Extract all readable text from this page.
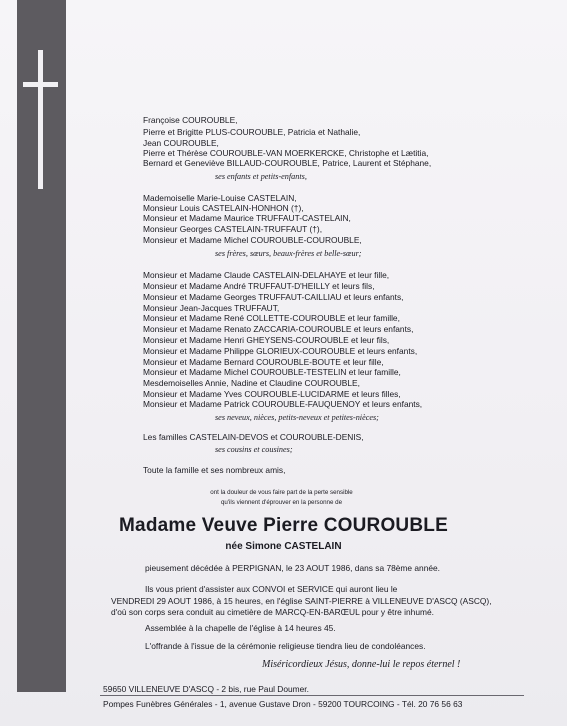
Françoise COUROUBLE,
Pierre et Brigitte PLUS-COUROUBLE, Patricia et Nathalie,
Jean COUROUBLE,
Pierre et Thérèse COUROUBLE-VAN MOERKERCKE, Christophe et Lætitia,
Bernard et Geneviève BILLAUD-COUROUBLE, Patrice, Laurent et Stéphane,
ses enfants et petits-enfants,
Mademoiselle Marie-Louise CASTELAIN,
Monsieur Louis CASTELAIN-HONHON (†),
Monsieur et Madame Maurice TRUFFAUT-CASTELAIN,
Monsieur Georges CASTELAIN-TRUFFAUT (†),
Monsieur et Madame Michel COUROUBLE-COUROUBLE,
ses frères, sœurs, beaux-frères et belle-sœur;
Monsieur et Madame Claude CASTELAIN-DELAHAYE et leur fille,
Monsieur et Madame André TRUFFAUT-D'HEILLY et leurs fils,
Monsieur et Madame Georges TRUFFAUT-CAILLIAU et leurs enfants,
Monsieur Jean-Jacques TRUFFAUT,
Monsieur et Madame René COLLETTE-COUROUBLE et leur famille,
Monsieur et Madame Renato ZACCARIA-COUROUBLE et leurs enfants,
Monsieur et Madame Henri GHEYSENS-COUROUBLE et leur fils,
Monsieur et Madame Philippe GLORIEUX-COUROUBLE et leurs enfants,
Monsieur et Madame Bernard COUROUBLE-BOUTE et leur fille,
Monsieur et Madame Michel COUROUBLE-TESTELIN et leur famille,
Mesdemoiselles Annie, Nadine et Claudine COUROUBLE,
Monsieur et Madame Yves COUROUBLE-LUCIDARME et leurs filles,
Monsieur et Madame Patrick COUROUBLE-FAUQUENOY et leurs enfants,
ses neveux, nièces, petits-neveux et petites-nièces;
Les familles CASTELAIN-DEVOS et COUROUBLE-DENIS,
ses cousins et cousines;
Toute la famille et ses nombreux amis,
ont la douleur de vous faire part de la perte sensible
qu'ils viennent d'éprouver en la personne de
Madame Veuve Pierre COUROUBLE
née Simone CASTELAIN
pieusement décédée à PERPIGNAN, le 23 AOUT 1986, dans sa 78ème année.
Ils vous prient d'assister aux CONVOI et SERVICE qui auront lieu le
VENDREDI 29 AOUT 1986, à 15 heures, en l'église SAINT-PIERRE à VILLENEUVE D'ASCQ (ASCQ),
d'où son corps sera conduit au cimetière de MARCQ-EN-BARŒUL pour y être inhumé.
Assemblée à la chapelle de l'église à 14 heures 45.
L'offrande à l'issue de la cérémonie religieuse tiendra lieu de condoléances.
Miséricordieux Jésus, donne-lui le repos éternel !
59650 VILLENEUVE D'ASCQ - 2 bis, rue Paul Doumer.
Pompes Funèbres Générales - 1, avenue Gustave Dron - 59200 TOURCOING - Tél. 20 76 56 63
